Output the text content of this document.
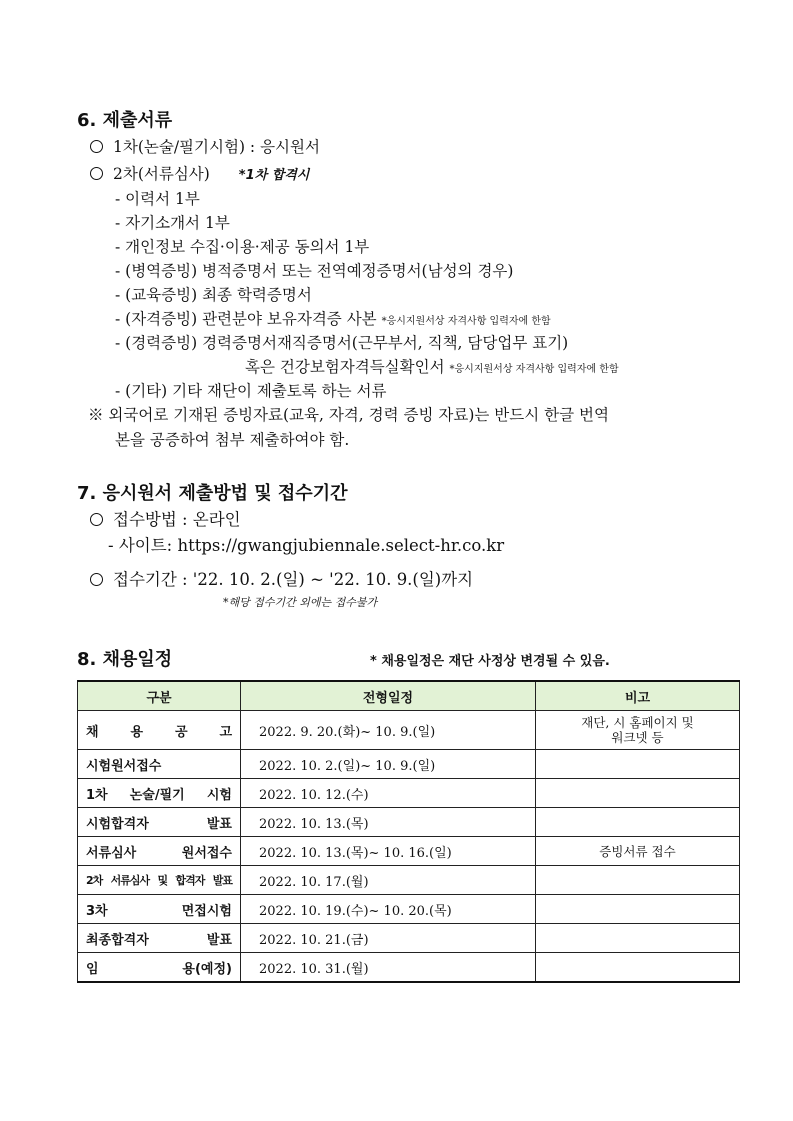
6. 제출서류
1차(논술/필기시험) : 응시원서
2차(서류심사) *1차 합격시
- 이력서 1부
- 자기소개서 1부
- 개인정보 수집·이용·제공 동의서 1부
- (병역증빙) 병적증명서 또는 전역예정증명서(남성의 경우)
- (교육증빙) 최종 학력증명서
- (자격증빙) 관련분야 보유자격증 사본 *응시지원서상 자격사항 입력자에 한함
- (경력증빙) 경력증명서재직증명서(근무부서, 직책, 담당업무 표기)
혹은 건강보험자격득실확인서 *응시지원서상 자격사항 입력자에 한함
- (기타) 기타 재단이 제출토록 하는 서류
※ 외국어로 기재된 증빙자료(교육, 자격, 경력 증빙 자료)는 반드시 한글 번역
본을 공증하여 첨부 제출하여야 함.
7. 응시원서 제출방법 및 접수기간
접수방법 : 온라인
- 사이트: https://gwangjubiennale.select-hr.co.kr
접수기간 : '22. 10. 2.(일) ~ '22. 10. 9.(일)까지
*해당 접수기간 외에는 접수불가
8. 채용일정	* 채용일정은 재단 사정상 변경될 수 있음.
구분	전형일정	비고
채 용 공 고	2022. 9. 20.(화)~ 10. 9.(일)	재단, 시 홈페이지 및
워크넷 등
시험원서접수	2022. 10. 2.(일)~ 10. 9.(일)	
1차 논술/필기 시험	2022. 10. 12.(수)	
시험합격자 발표	2022. 10. 13.(목)	
서류심사 원서접수	2022. 10. 13.(목)~ 10. 16.(일)	증빙서류 접수
2차 서류심사 및 합격자 발표	2022. 10. 17.(월)	
3차 면접시험	2022. 10. 19.(수)~ 10. 20.(목)	
최종합격자 발표	2022. 10. 21.(금)	
임 용(예정)	2022. 10. 31.(월)	
